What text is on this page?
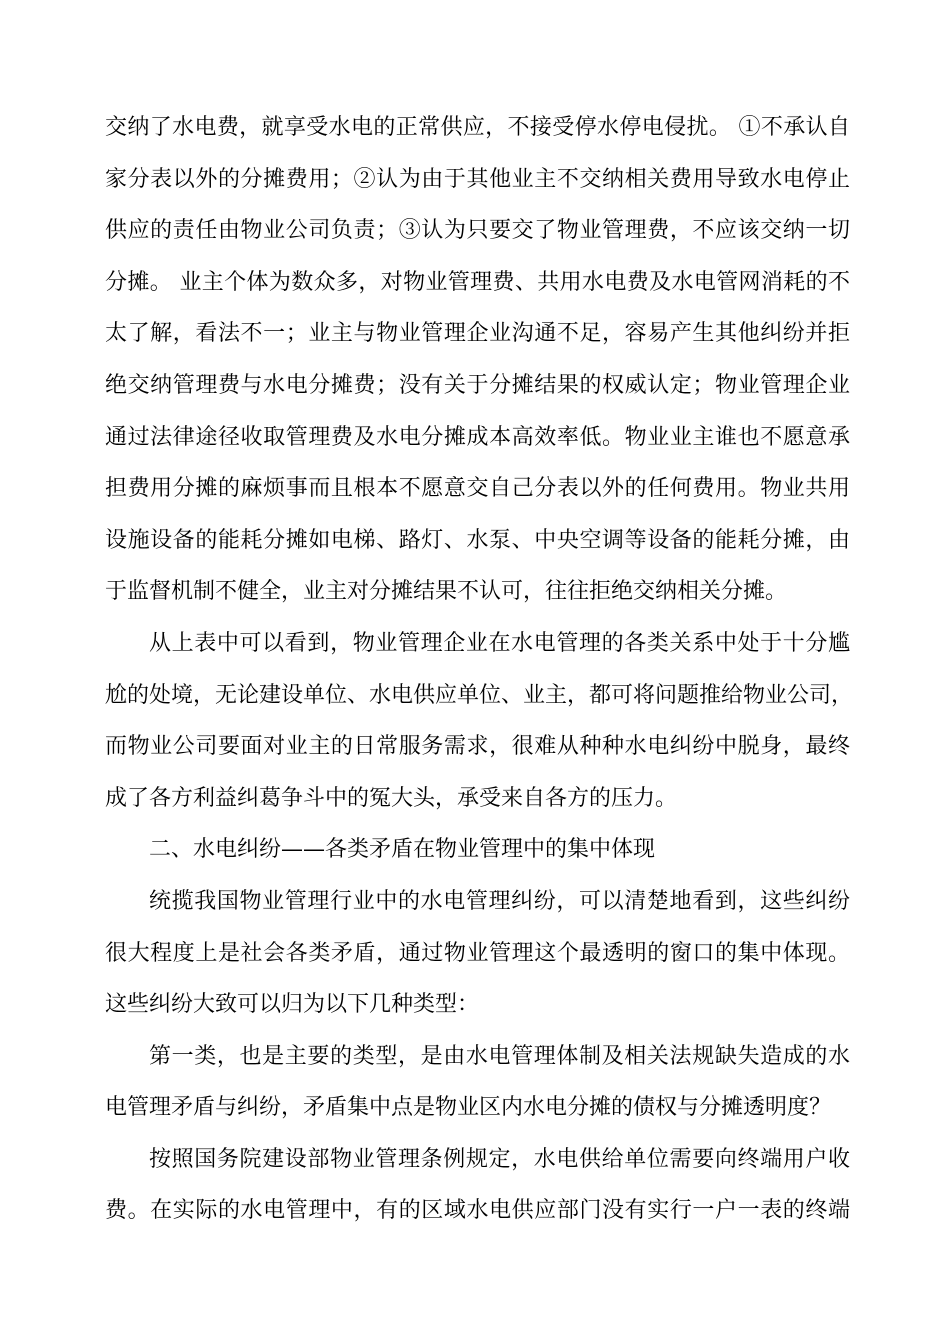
交纳了水电费，就享受水电的正常供应，不接受停水停电侵扰。 ①不承认自
家分表以外的分摊费用；②认为由于其他业主不交纳相关费用导致水电停止
供应的责任由物业公司负责；③认为只要交了物业管理费，不应该交纳一切
分摊。 业主个体为数众多，对物业管理费、共用水电费及水电管网消耗的不
太了解，看法不一；业主与物业管理企业沟通不足，容易产生其他纠纷并拒
绝交纳管理费与水电分摊费；没有关于分摊结果的权威认定；物业管理企业
通过法律途径收取管理费及水电分摊成本高效率低。物业业主谁也不愿意承
担费用分摊的麻烦事而且根本不愿意交自己分表以外的任何费用。物业共用
设施设备的能耗分摊如电梯、路灯、水泵、中央空调等设备的能耗分摊，由
于监督机制不健全，业主对分摊结果不认可，往往拒绝交纳相关分摊。
从上表中可以看到，物业管理企业在水电管理的各类关系中处于十分尴
尬的处境，无论建设单位、水电供应单位、业主，都可将问题推给物业公司，
而物业公司要面对业主的日常服务需求，很难从种种水电纠纷中脱身，最终
成了各方利益纠葛争斗中的冤大头，承受来自各方的压力。
二、水电纠纷——各类矛盾在物业管理中的集中体现
统揽我国物业管理行业中的水电管理纠纷，可以清楚地看到，这些纠纷
很大程度上是社会各类矛盾，通过物业管理这个最透明的窗口的集中体现。
这些纠纷大致可以归为以下几种类型：
第一类，也是主要的类型，是由水电管理体制及相关法规缺失造成的水
电管理矛盾与纠纷，矛盾集中点是物业区内水电分摊的债权与分摊透明度？
按照国务院建设部物业管理条例规定，水电供给单位需要向终端用户收
费。在实际的水电管理中，有的区域水电供应部门没有实行一户一表的终端
